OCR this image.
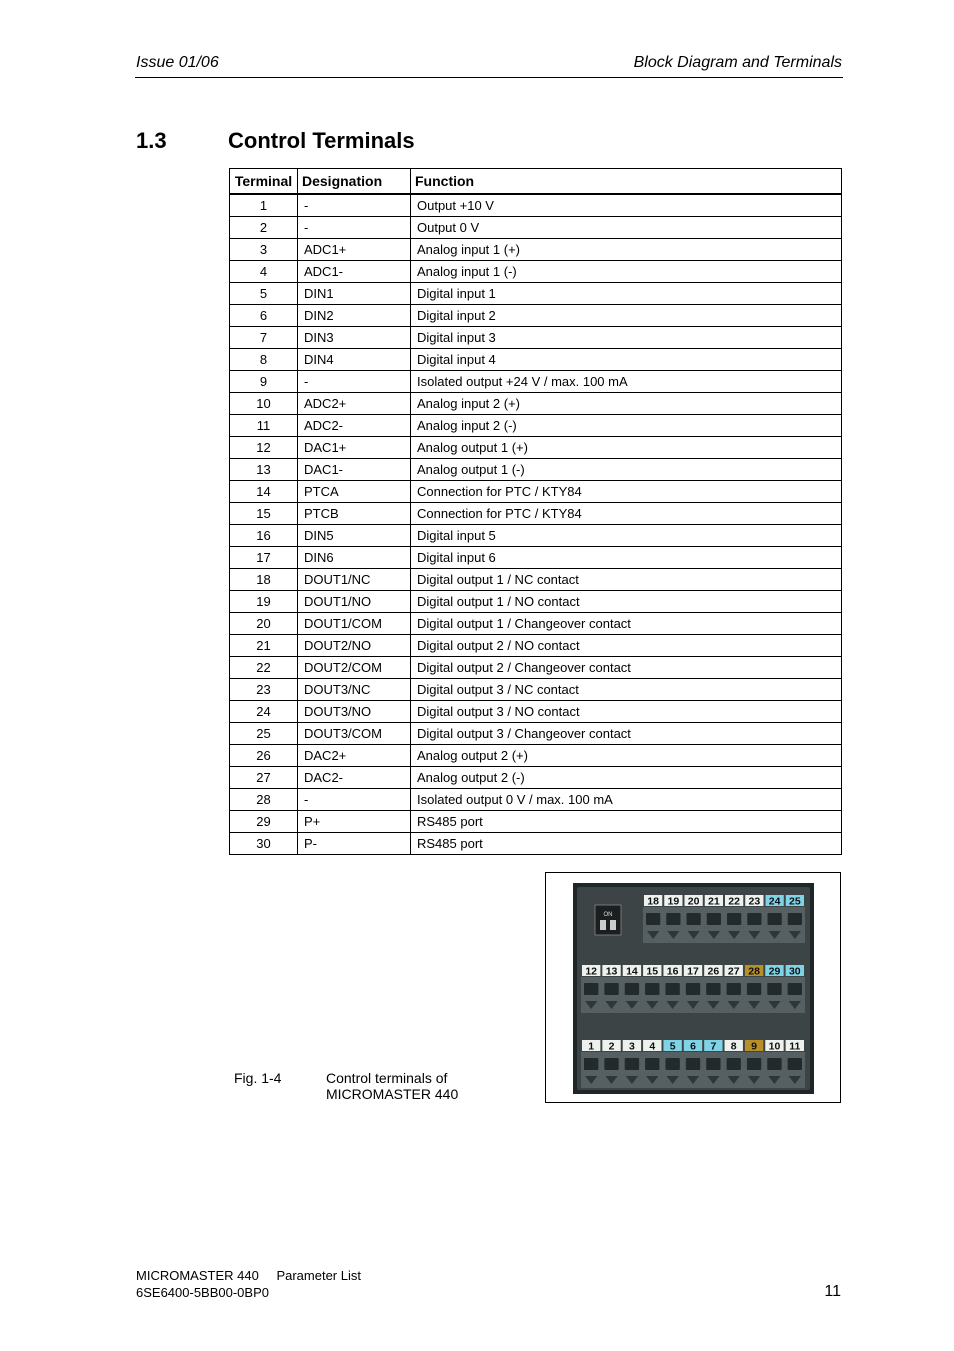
Issue 01/06	Block Diagram and Terminals
1.3	Control Terminals
Terminal	Designation	Function
1	-	Output +10 V
2	-	Output 0 V
3	ADC1+	Analog input 1 (+)
4	ADC1-	Analog input 1 (-)
5	DIN1	Digital input 1
6	DIN2	Digital input 2
7	DIN3	Digital input 3
8	DIN4	Digital input 4
9	-	Isolated output +24 V / max. 100 mA
10	ADC2+	Analog input 2 (+)
11	ADC2-	Analog input 2 (-)
12	DAC1+	Analog output 1 (+)
13	DAC1-	Analog output 1 (-)
14	PTCA	Connection for PTC / KTY84
15	PTCB	Connection for PTC / KTY84
16	DIN5	Digital input 5
17	DIN6	Digital input 6
18	DOUT1/NC	Digital output 1 / NC contact
19	DOUT1/NO	Digital output 1 / NO contact
20	DOUT1/COM	Digital output 1 / Changeover contact
21	DOUT2/NO	Digital output 2 / NO contact
22	DOUT2/COM	Digital output 2 / Changeover contact
23	DOUT3/NC	Digital output 3 / NC contact
24	DOUT3/NO	Digital output 3 / NO contact
25	DOUT3/COM	Digital output 3 / Changeover contact
26	DAC2+	Analog output 2 (+)
27	DAC2-	Analog output 2 (-)
28	-	Isolated output 0 V / max. 100 mA
29	P+	RS485 port
30	P-	RS485 port
Fig. 1-4	Control terminals of MICROMASTER 440
ON
18 19 20 21 22 23 24 25
12 13 14 15 16 17 26 27 28 29 30
1 2 3 4 5 6 7 8 9 10 11
MICROMASTER 440 Parameter List
6SE6400-5BB00-0BP0	11
